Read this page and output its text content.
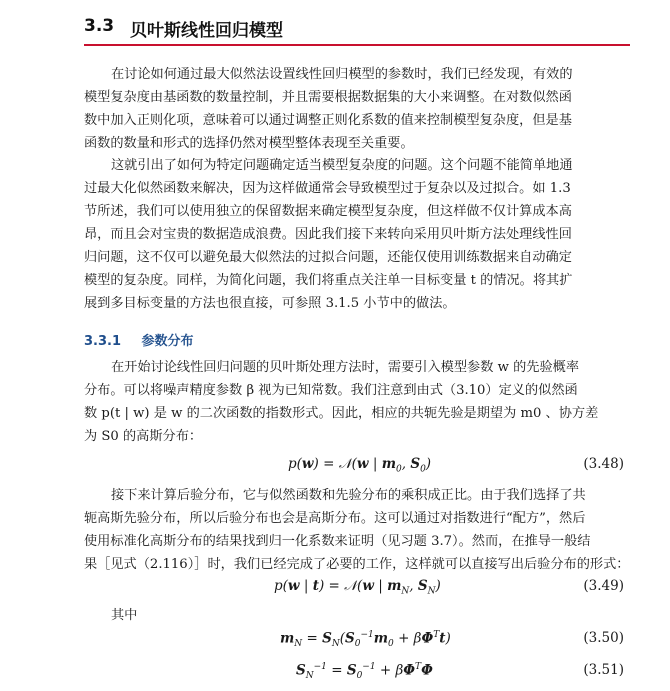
3.3 贝叶斯线性回归模型
在讨论如何通过最大似然法设置线性回归模型的参数时，我们已经发现，有效的
模型复杂度由基函数的数量控制，并且需要根据数据集的大小来调整。在对数似然函
数中加入正则化项，意味着可以通过调整正则化系数的值来控制模型复杂度，但是基
函数的数量和形式的选择仍然对模型整体表现至关重要。
这就引出了如何为特定问题确定适当模型复杂度的问题。这个问题不能简单地通
过最大化似然函数来解决，因为这样做通常会导致模型过于复杂以及过拟合。如 1.3
节所述，我们可以使用独立的保留数据来确定模型复杂度，但这样做不仅计算成本高
昂，而且会对宝贵的数据造成浪费。因此我们接下来转向采用贝叶斯方法处理线性回
归问题，这不仅可以避免最大似然法的过拟合问题，还能仅使用训练数据来自动确定
模型的复杂度。同样，为简化问题，我们将重点关注单一目标变量 t 的情况。将其扩
展到多目标变量的方法也很直接，可参照 3.1.5 小节中的做法。
3.3.1 参数分布
在开始讨论线性回归问题的贝叶斯处理方法时，需要引入模型参数 w 的先验概率
分布。可以将噪声精度参数 β 视为已知常数。我们注意到由式（3.10）定义的似然函
数 p(t | w) 是 w 的二次函数的指数形式。因此，相应的共轭先验是期望为 m0 、协方差
为 S0 的高斯分布：
p(w) = 𝒩(w | $m_0$, $S_0$)	(3.48)
接下来计算后验分布，它与似然函数和先验分布的乘积成正比。由于我们选择了共
轭高斯先验分布，所以后验分布也会是高斯分布。这可以通过对指数进行“配方”，然后
使用标准化高斯分布的结果找到归一化系数来证明（见习题 3.7）。然而，在推导一般结
果［见式（2.116）］时，我们已经完成了必要的工作，这样就可以直接写出后验分布的形式：
p(w | t) = 𝒩(w | $m_N$, $S_N$)	(3.49)
其中
$m_N = S_N(S_0^{-1}m_0 + \beta\Phi^Tt)$	(3.50)
$S_N^{-1} = S_0^{-1} + \beta\Phi^T\Phi$	(3.51)
